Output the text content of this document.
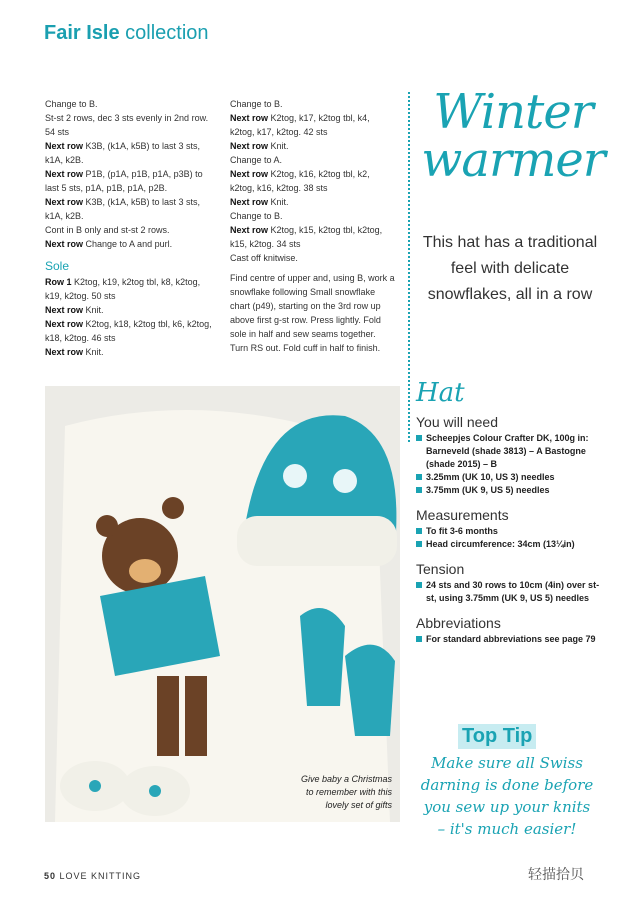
Fair Isle collection

Change to B.

St-st 2 rows, dec 3 sts evenly in 2nd row. 54 sts

Next row K3B, (k1A, k5B) to last 3 sts, k1A, k2B.

Next row P1B, (p1A, p1B, p1A, p3B) to last 5 sts, p1A, p1B, p1A, p2B.

Next row K3B, (k1A, k5B) to last 3 sts, k1A, k2B.

Cont in B only and st-st 2 rows.

Next row Change to A and purl.

Sole

Row 1 K2tog, k19, k2tog tbl, k8, k2tog, k19, k2tog. 50 sts

Next row Knit.

Next row K2tog, k18, k2tog tbl, k6, k2tog, k18, k2tog. 46 sts

Next row Knit.

Change to B.

Next row K2tog, k17, k2tog tbl, k4, k2tog, k17, k2tog. 42 sts

Next row Knit.

Change to A.

Next row K2tog, k16, k2tog tbl, k2, k2tog, k16, k2tog. 38 sts

Next row Knit.

Change to B.

Next row K2tog, k15, k2tog tbl, k2tog, k15, k2tog. 34 sts

Cast off knitwise.

Find centre of upper and, using B, work a snowflake following Small snowflake chart (p49), starting on the 3rd row up above first g-st row. Press lightly. Fold sole in half and sew seams together. Turn RS out. Fold cuff in half to finish.

Winter
warmer
This hat has a traditional feel with delicate snowflakes, all in a row
Hat
You will need
Scheepjes Colour Crafter DK, 100g in: Barneveld (shade 3813) – A Bastogne (shade 2015) – B
3.25mm (UK 10, US 3) needles
3.75mm (UK 9, US 5) needles
Measurements
To fit 3-6 months
Head circumference: 34cm (13¼in)
Tension
24 sts and 30 rows to 10cm (4in) over st-st, using 3.75mm (UK 9, US 5) needles
Abbreviations
For standard abbreviations see page 79
Give baby a Christmas to remember with this lovely set of gifts
Top Tip
Make sure all Swiss darning is done before you sew up your knits – it's much easier!
50 LOVE KNITTING	轻描拾贝
